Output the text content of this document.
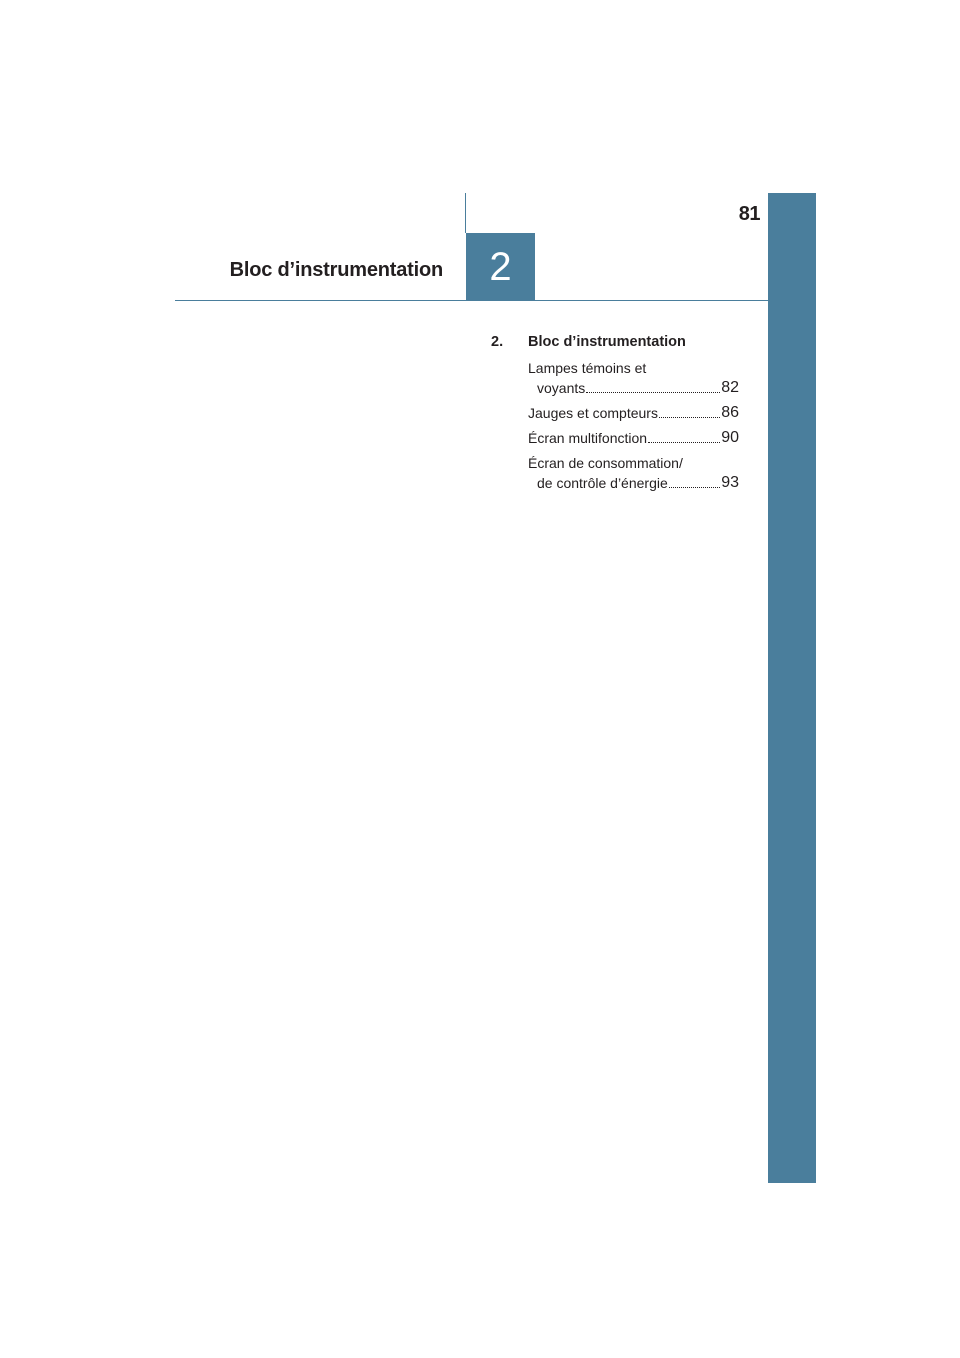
81
2
Bloc d’instrumentation
2.	Bloc d’instrumentation
Lampes témoins et
voyants	82
Jauges et compteurs	86
Écran multifonction	90
Écran de consommation/
de contrôle d’énergie	93
